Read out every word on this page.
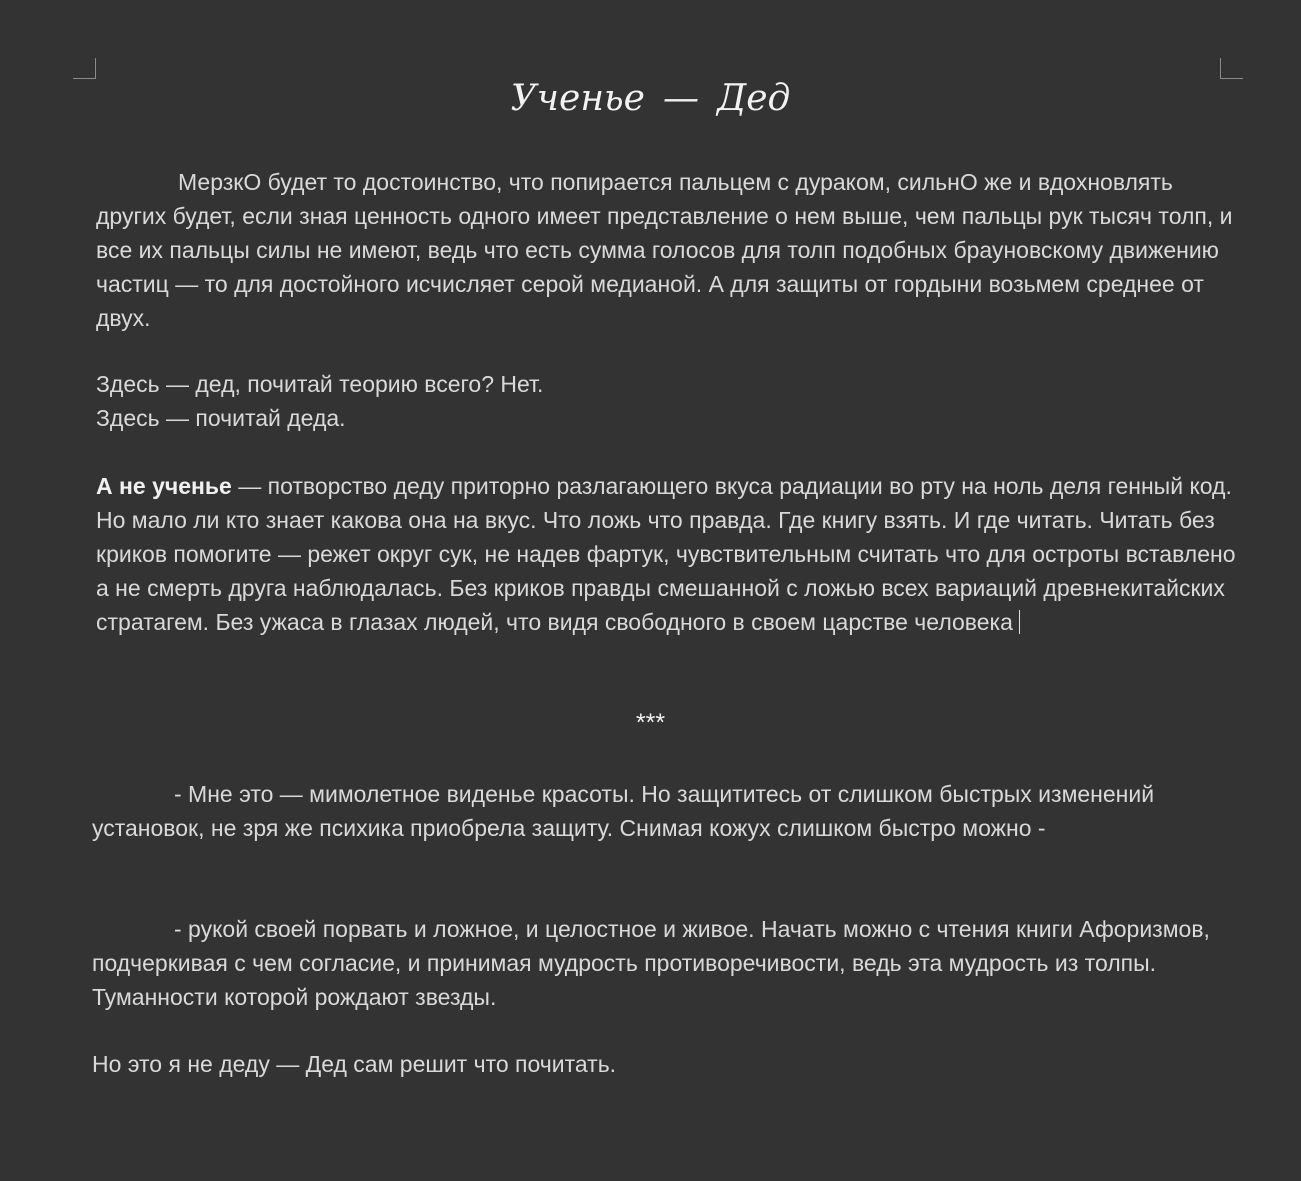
Ученье — Дед

МерзкО будет то достоинство, что попирается пальцем с дураком, сильнО же и вдохновлять других будет, если зная ценность одного имеет представление о нем выше, чем пальцы рук тысяч толп, и все их пальцы силы не имеют, ведь что есть сумма голосов для толп подобных брауновскому движению частиц — то для достойного исчисляет серой медианой. А для защиты от гордыни возьмем среднее от двух.

Здесь — дед, почитай теорию всего? Нет.

Здесь — почитай деда.

А не ученье — потворство деду приторно разлагающего вкуса радиации во рту на ноль деля генный код. Но мало ли кто знает какова она на вкус. Что ложь что правда. Где книгу взять. И где читать. Читать без криков помогите — режет округ сук, не надев фартук, чувствительным считать что для остроты вставлено а не смерть друга наблюдалась. Без криков правды смешанной с ложью всех вариаций древнекитайских стратагем. Без ужаса в глазах людей, что видя свободного в своем царстве человека

***

- Мне это — мимолетное виденье красоты. Но защититесь от слишком быстрых изменений установок, не зря же психика приобрела защиту. Снимая кожух слишком быстро можно -

- рукой своей порвать и ложное, и целостное и живое. Начать можно с чтения книги Афоризмов, подчеркивая с чем согласие, и принимая мудрость противоречивости, ведь эта мудрость из толпы. Туманности которой рождают звезды.

Но это я не деду — Дед сам решит что почитать.
